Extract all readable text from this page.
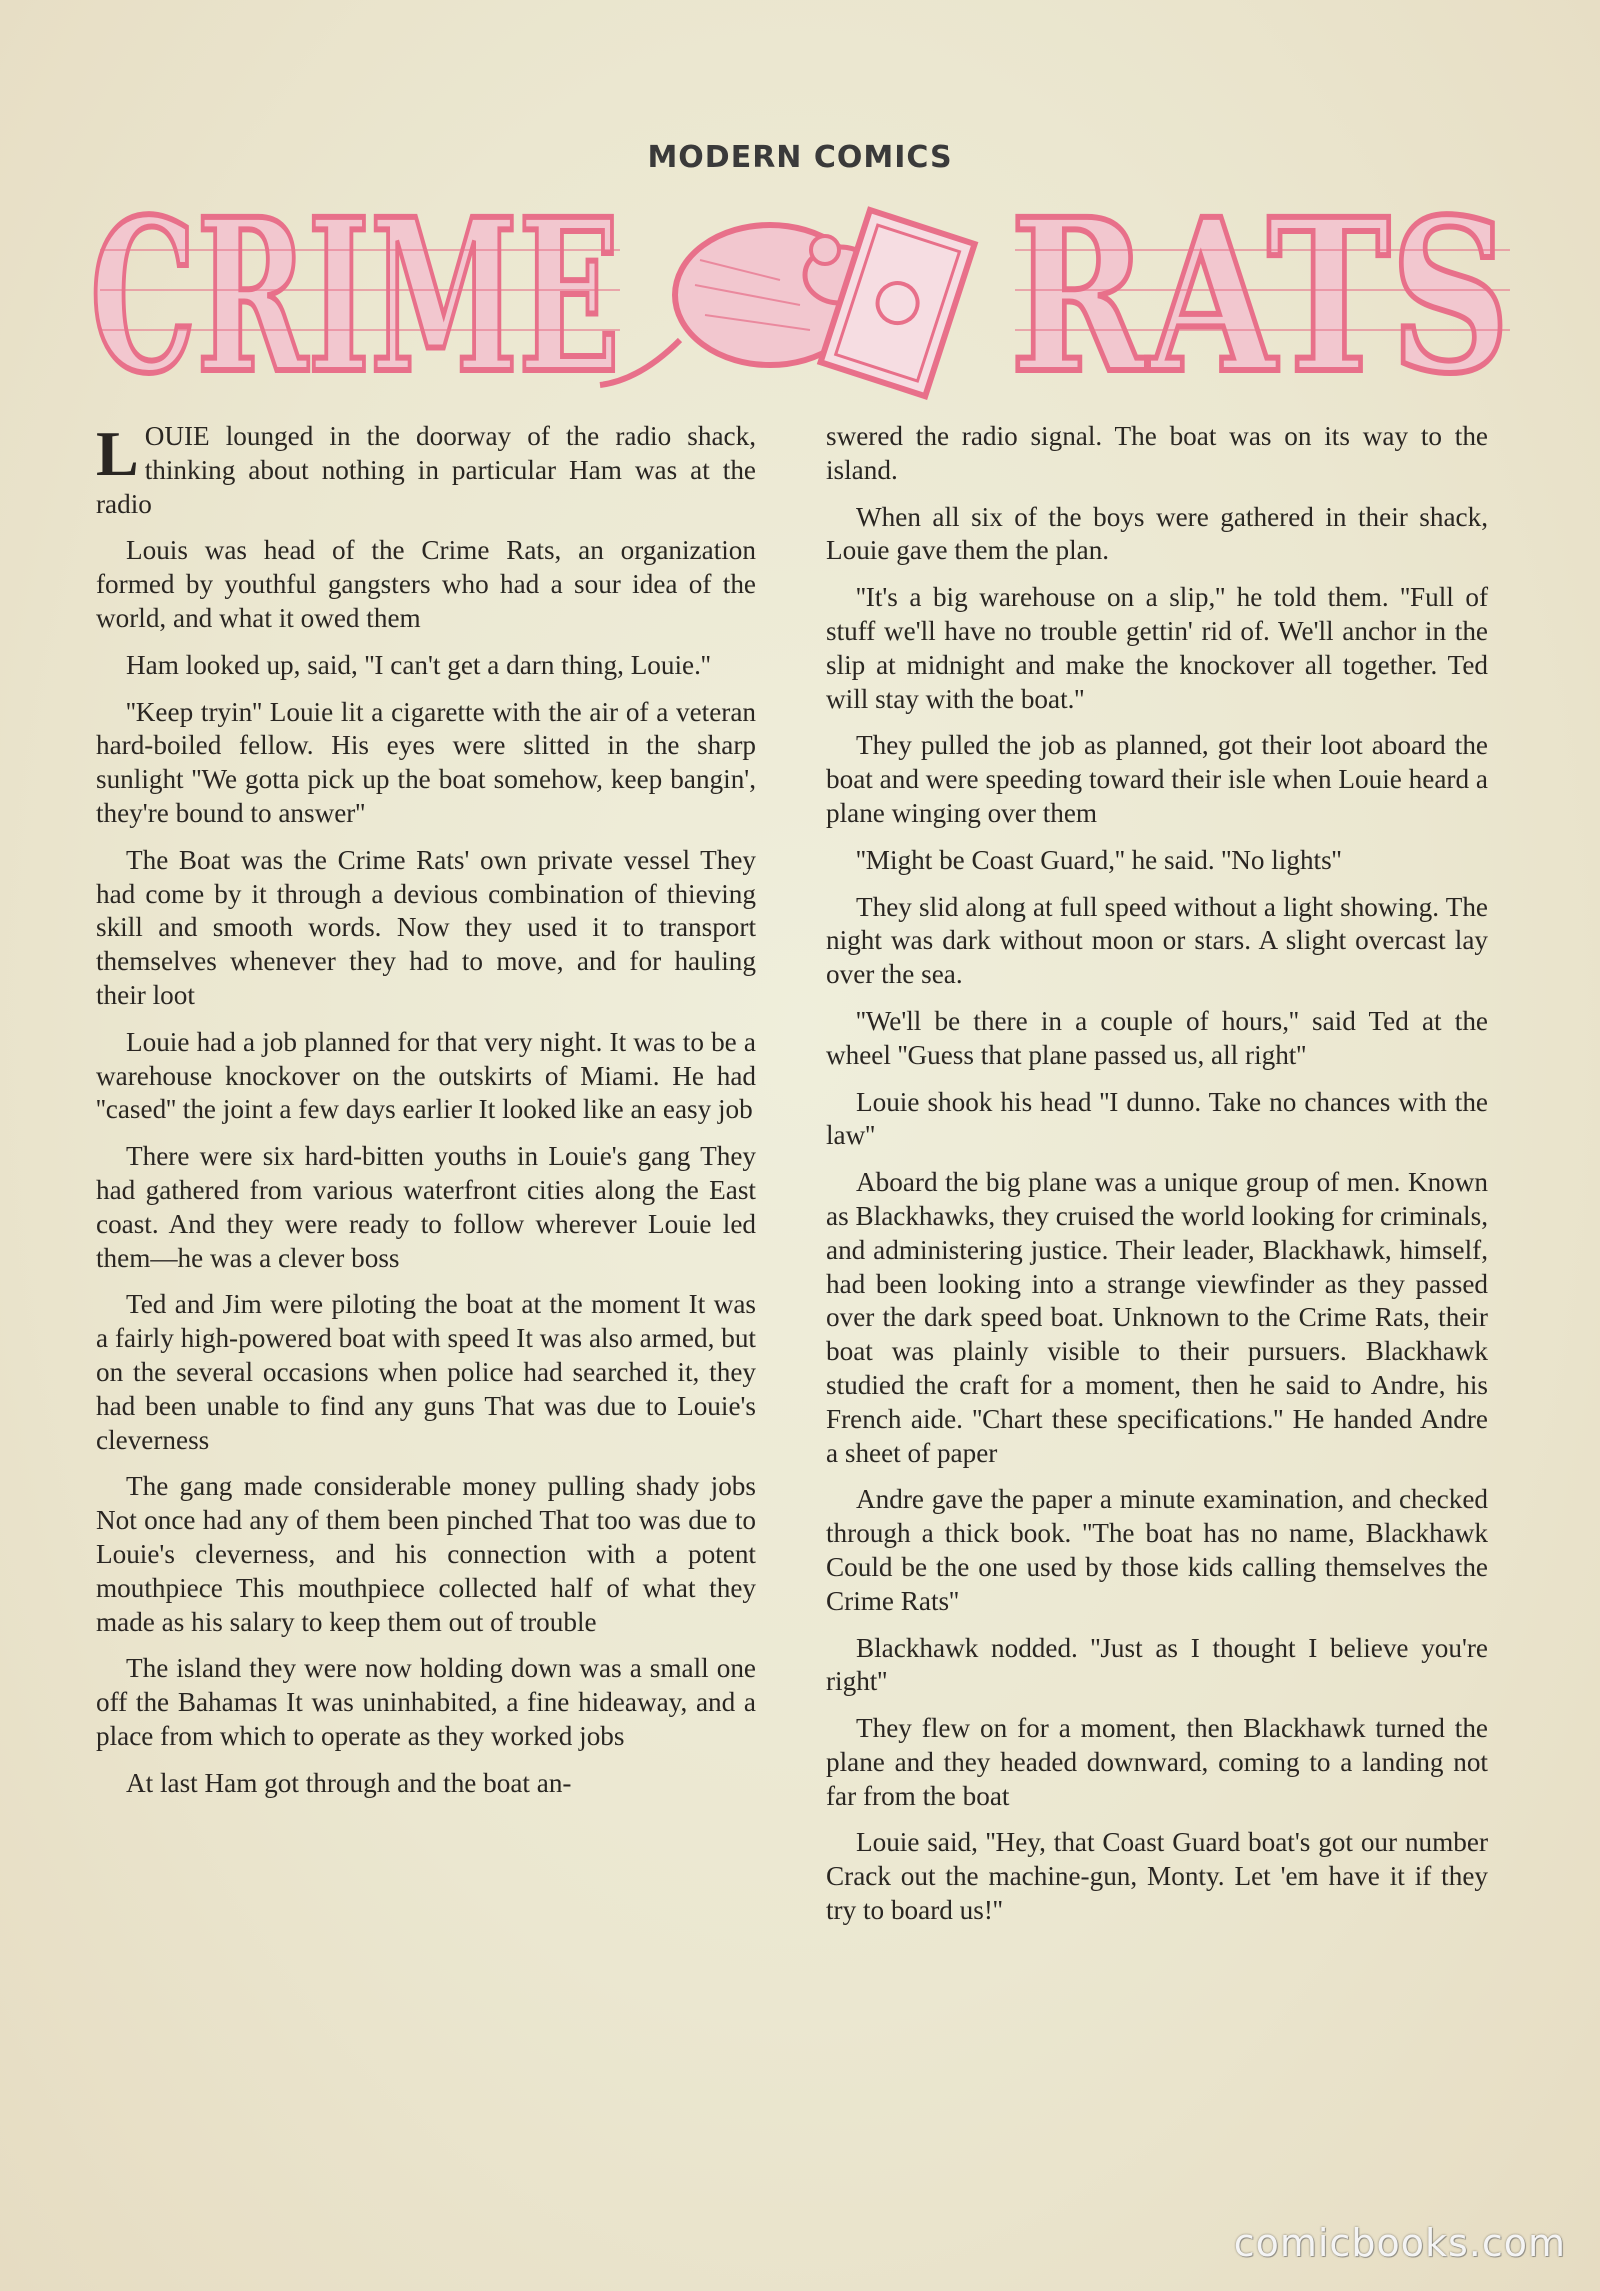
MODERN COMICS
CRIME RATS

LOUIE lounged in the doorway of the radio shack, thinking about nothing in particular Ham was at the radio

Louis was head of the Crime Rats, an organization formed by youthful gangsters who had a sour idea of the world, and what it owed them

Ham looked up, said, ''I can't get a darn thing, Louie.''

''Keep tryin'' Louie lit a cigarette with the air of a veteran hard-boiled fellow. His eyes were slitted in the sharp sunlight ''We gotta pick up the boat somehow, keep bangin', they're bound to answer''

The Boat was the Crime Rats' own private vessel They had come by it through a devious combination of thieving skill and smooth words. Now they used it to transport themselves whenever they had to move, and for hauling their loot

Louie had a job planned for that very night. It was to be a warehouse knockover on the outskirts of Miami. He had ''cased'' the joint a few days earlier It looked like an easy job

There were six hard-bitten youths in Louie's gang They had gathered from various waterfront cities along the East coast. And they were ready to follow wherever Louie led them—he was a clever boss

Ted and Jim were piloting the boat at the moment It was a fairly high-powered boat with speed It was also armed, but on the several occasions when police had searched it, they had been unable to find any guns That was due to Louie's cleverness

The gang made considerable money pulling shady jobs Not once had any of them been pinched That too was due to Louie's cleverness, and his connection with a potent mouthpiece This mouthpiece collected half of what they made as his salary to keep them out of trouble

The island they were now holding down was a small one off the Bahamas It was uninhabited, a fine hideaway, and a place from which to operate as they worked jobs

At last Ham got through and the boat an-

swered the radio signal. The boat was on its way to the island.

When all six of the boys were gathered in their shack, Louie gave them the plan.

''It's a big warehouse on a slip,'' he told them. ''Full of stuff we'll have no trouble gettin' rid of. We'll anchor in the slip at midnight and make the knockover all together. Ted will stay with the boat.''

They pulled the job as planned, got their loot aboard the boat and were speeding toward their isle when Louie heard a plane winging over them

''Might be Coast Guard,'' he said. ''No lights''

They slid along at full speed without a light showing. The night was dark without moon or stars. A slight overcast lay over the sea.

''We'll be there in a couple of hours,'' said Ted at the wheel ''Guess that plane passed us, all right''

Louie shook his head ''I dunno. Take no chances with the law''

Aboard the big plane was a unique group of men. Known as Blackhawks, they cruised the world looking for criminals, and administering justice. Their leader, Blackhawk, himself, had been looking into a strange viewfinder as they passed over the dark speed boat. Unknown to the Crime Rats, their boat was plainly visible to their pursuers. Blackhawk studied the craft for a moment, then he said to Andre, his French aide. ''Chart these specifications.'' He handed Andre a sheet of paper

Andre gave the paper a minute examination, and checked through a thick book. ''The boat has no name, Blackhawk Could be the one used by those kids calling themselves the Crime Rats''

Blackhawk nodded. ''Just as I thought I believe you're right''

They flew on for a moment, then Blackhawk turned the plane and they headed downward, coming to a landing not far from the boat

Louie said, ''Hey, that Coast Guard boat's got our number Crack out the machine-gun, Monty. Let 'em have it if they try to board us!''

comicbooks.com
